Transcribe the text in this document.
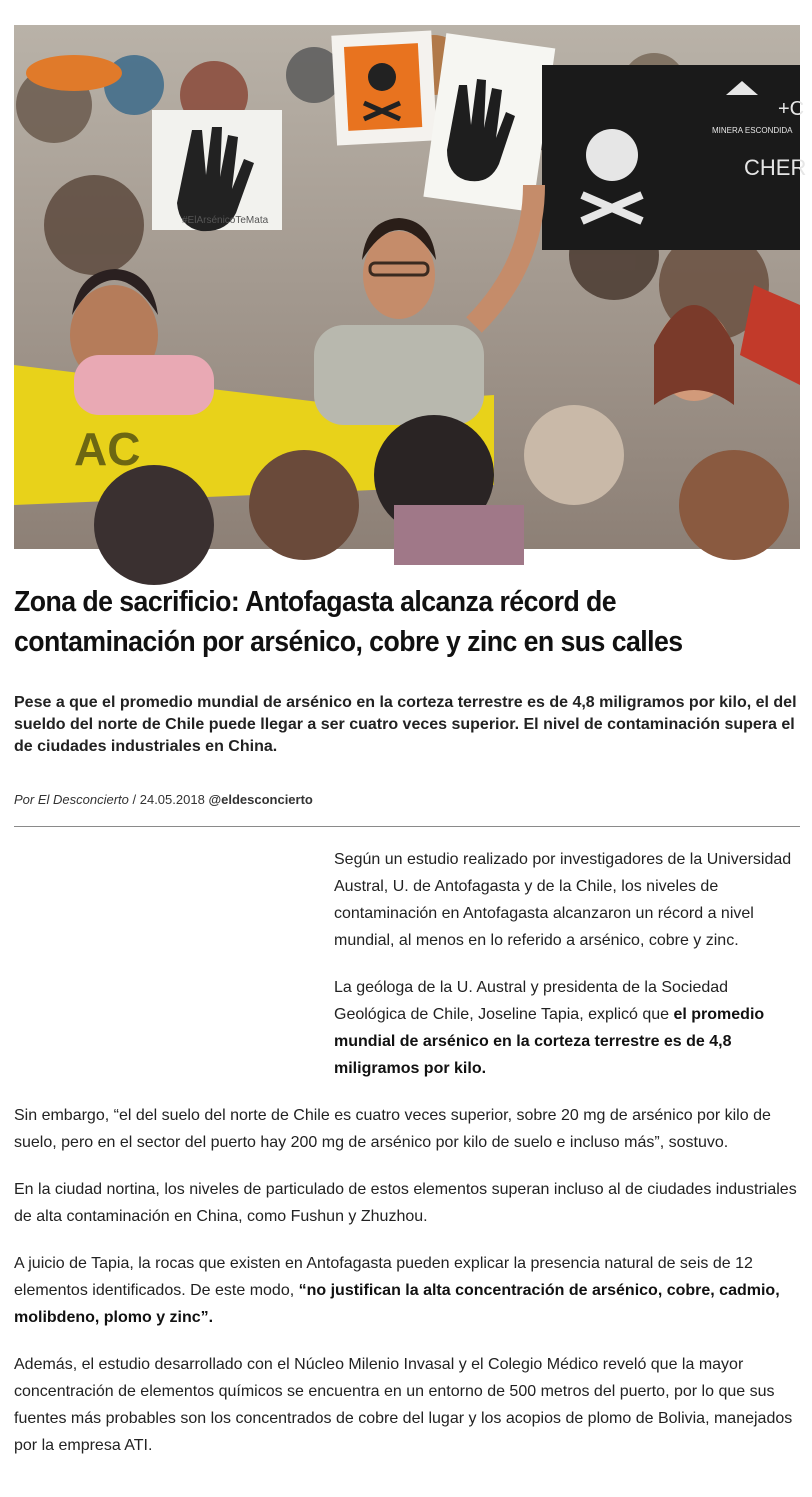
#ElArsénicoTeMata
MINERA ESCONDIDA
CHER
+C
AC
Zona de sacrificio: Antofagasta alcanza récord de contaminación por arsénico, cobre y zinc en sus calles

Pese a que el promedio mundial de arsénico en la corteza terrestre es de 4,8 miligramos por kilo, el del sueldo del norte de Chile puede llegar a ser cuatro veces superior. El nivel de contaminación supera el de ciudades industriales en China.

Por El Desconcierto / 24.05.2018 @eldesconcierto

Según un estudio realizado por investigadores de la Universidad Austral, U. de Antofagasta y de la Chile, los niveles de contaminación en Antofagasta alcanzaron un récord a nivel mundial, al menos en lo referido a arsénico, cobre y zinc.

La geóloga de la U. Austral y presidenta de la Sociedad Geológica de Chile, Joseline Tapia, explicó que el promedio mundial de arsénico en la corteza terrestre es de 4,8 miligramos por kilo.

Sin embargo, “el del suelo del norte de Chile es cuatro veces superior, sobre 20 mg de arsénico por kilo de suelo, pero en el sector del puerto hay 200 mg de arsénico por kilo de suelo e incluso más”, sostuvo.

En la ciudad nortina, los niveles de particulado de estos elementos superan incluso al de ciudades industriales de alta contaminación en China, como Fushun y Zhuzhou.

A juicio de Tapia, la rocas que existen en Antofagasta pueden explicar la presencia natural de seis de 12 elementos identificados. De este modo, “no justifican la alta concentración de arsénico, cobre, cadmio, molibdeno, plomo y zinc”.

Además, el estudio desarrollado con el Núcleo Milenio Invasal y el Colegio Médico reveló que la mayor concentración de elementos químicos se encuentra en un entorno de 500 metros del puerto, por lo que sus fuentes más probables son los concentrados de cobre del lugar y los acopios de plomo de Bolivia, manejados por la empresa ATI.
